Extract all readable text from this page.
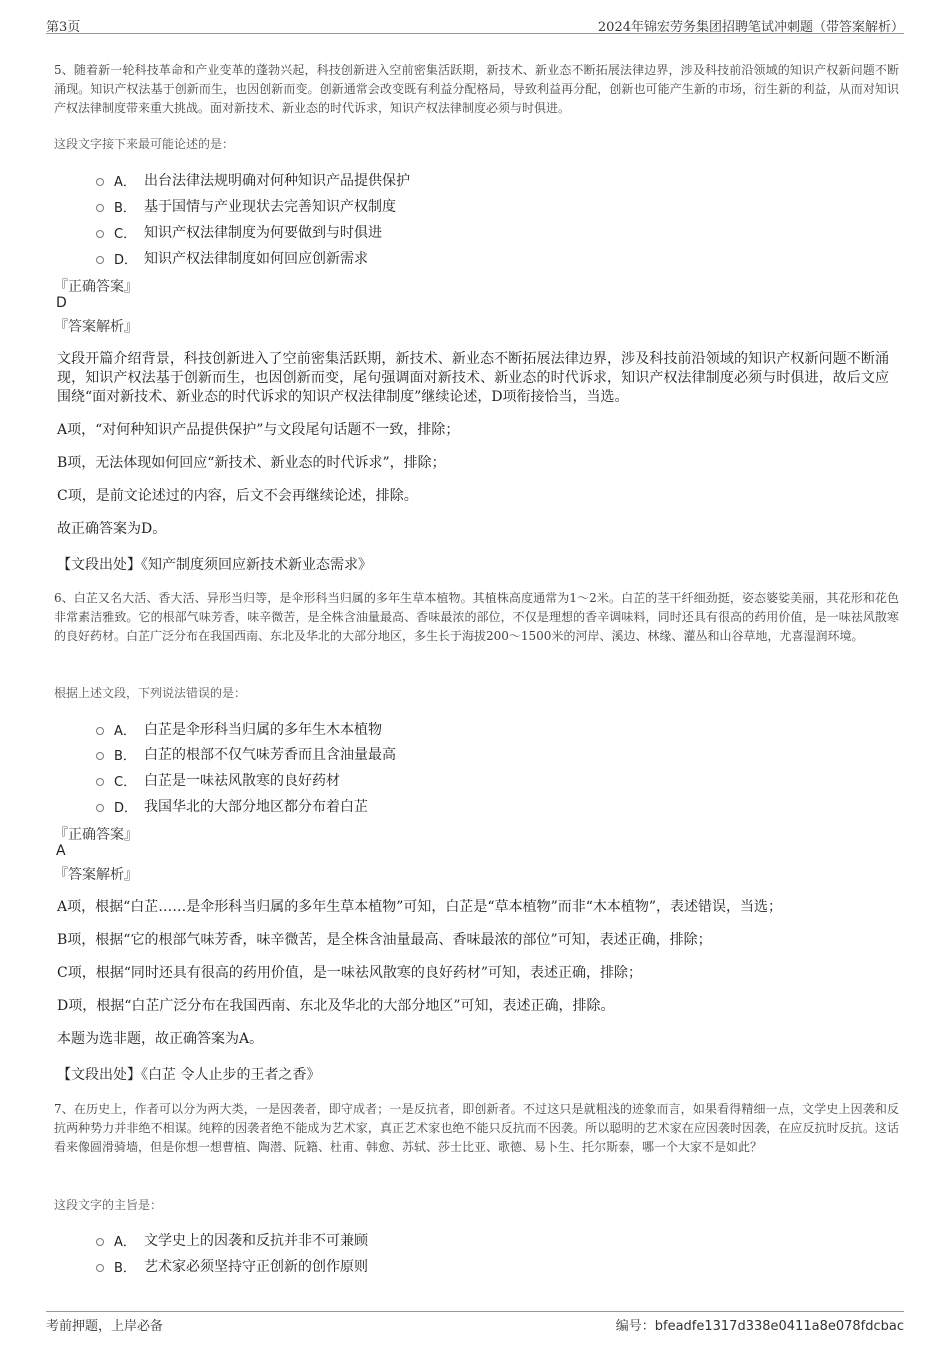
第3页	2024年锦宏劳务集团招聘笔试冲刺题（带答案解析）
5、随着新一轮科技革命和产业变革的蓬勃兴起，科技创新进入空前密集活跃期，新技术、新业态不断拓展法律边界，涉及科技前沿领域的知识产权新问题不断涌现。知识产权法基于创新而生，也因创新而变。创新通常会改变既有利益分配格局，导致利益再分配，创新也可能产生新的市场，衍生新的利益，从而对知识产权法律制度带来重大挑战。面对新技术、新业态的时代诉求，知识产权法律制度必须与时俱进。
这段文字接下来最可能论述的是：
A． 出台法律法规明确对何种知识产品提供保护
B． 基于国情与产业现状去完善知识产权制度
C． 知识产权法律制度为何要做到与时俱进
D． 知识产权法律制度如何回应创新需求
『正确答案』
D
『答案解析』
文段开篇介绍背景，科技创新进入了空前密集活跃期，新技术、新业态不断拓展法律边界，涉及科技前沿领域的知识产权新问题不断涌现，知识产权法基于创新而生，也因创新而变，尾句强调面对新技术、新业态的时代诉求，知识产权法律制度必须与时俱进，故后文应围绕“面对新技术、新业态的时代诉求的知识产权法律制度”继续论述，D项衔接恰当，当选。
A项，“对何种知识产品提供保护”与文段尾句话题不一致，排除；
B项，无法体现如何回应“新技术、新业态的时代诉求”，排除；
C项，是前文论述过的内容，后文不会再继续论述，排除。
故正确答案为D。
【文段出处】《知产制度须回应新技术新业态需求》
6、白芷又名大活、香大活、异形当归等，是伞形科当归属的多年生草本植物。其植株高度通常为1～2米。白芷的茎干纤细劲挺，姿态婆娑美丽，其花形和花色非常素洁雅致。它的根部气味芳香，味辛微苦，是全株含油量最高、香味最浓的部位，不仅是理想的香辛调味料，同时还具有很高的药用价值，是一味祛风散寒的良好药材。白芷广泛分布在我国西南、东北及华北的大部分地区，多生长于海拔200～1500米的河岸、溪边、林缘、灌丛和山谷草地，尤喜湿润环境。
根据上述文段，下列说法错误的是：
A． 白芷是伞形科当归属的多年生木本植物
B． 白芷的根部不仅气味芳香而且含油量最高
C． 白芷是一味祛风散寒的良好药材
D． 我国华北的大部分地区都分布着白芷
『正确答案』
A
『答案解析』
A项，根据“白芷……是伞形科当归属的多年生草本植物”可知，白芷是“草本植物”而非“木本植物”，表述错误，当选；
B项，根据“它的根部气味芳香，味辛微苦，是全株含油量最高、香味最浓的部位”可知，表述正确，排除；
C项，根据“同时还具有很高的药用价值，是一味祛风散寒的良好药材”可知，表述正确，排除；
D项，根据“白芷广泛分布在我国西南、东北及华北的大部分地区”可知，表述正确，排除。
本题为选非题，故正确答案为A。
【文段出处】《白芷 令人止步的王者之香》
7、在历史上，作者可以分为两大类，一是因袭者，即守成者；一是反抗者，即创新者。不过这只是就粗浅的迹象而言，如果看得精细一点，文学史上因袭和反抗两种势力并非绝不相谋。纯粹的因袭者绝不能成为艺术家，真正艺术家也绝不能只反抗而不因袭。所以聪明的艺术家在应因袭时因袭，在应反抗时反抗。这话看来像圆滑骑墙，但是你想一想曹植、陶潜、阮籍、杜甫、韩愈、苏轼、莎士比亚、歌德、易卜生、托尔斯泰，哪一个大家不是如此？
这段文字的主旨是：
A． 文学史上的因袭和反抗并非不可兼顾
B． 艺术家必须坚持守正创新的创作原则
考前押题，上岸必备	编号：bfeadfe1317d338e0411a8e078fdcbac
